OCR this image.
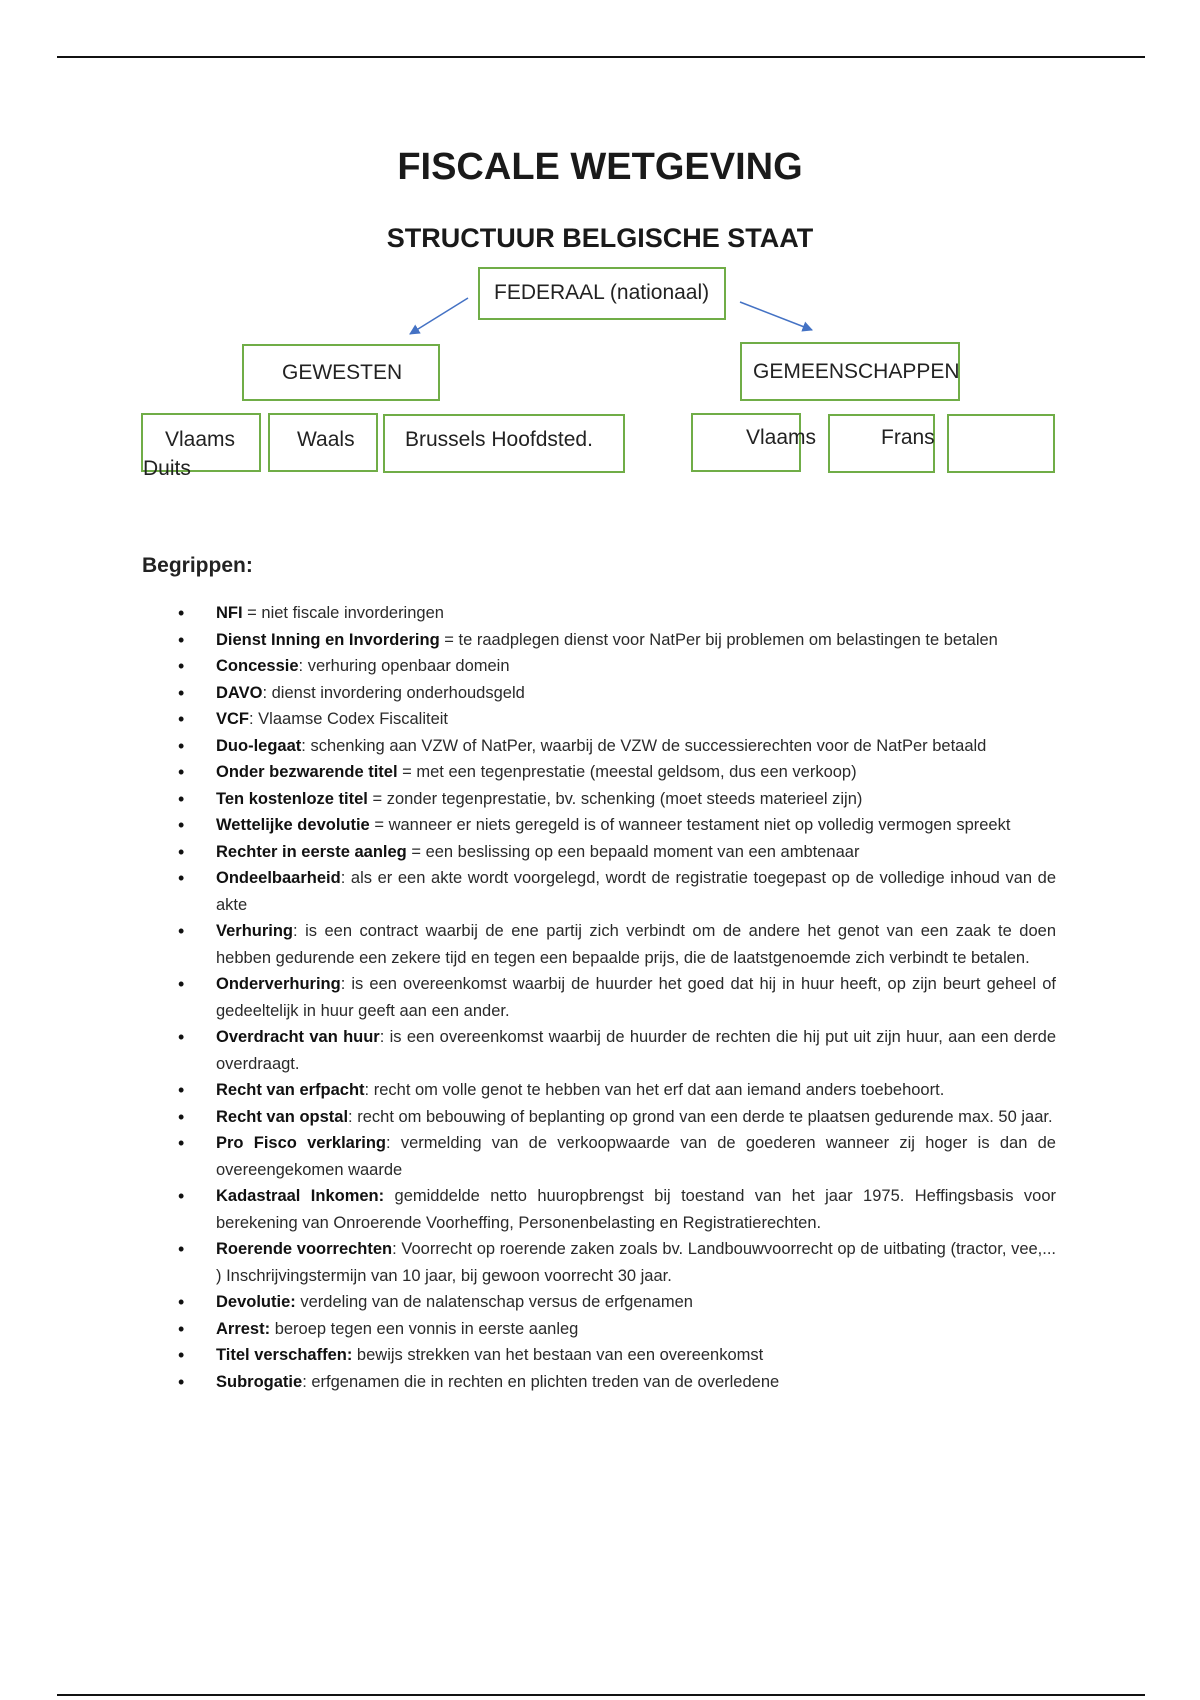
FISCALE WETGEVING
STRUCTUUR BELGISCHE STAAT
FEDERAAL (nationaal)
GEWESTEN	GEMEENSCHAPPEN
Vlaams	Waals Brussels Hoofdsted.	Vlaams	Frans
Duits
Begrippen:
• NFI = niet fiscale invorderingen
• Dienst Inning en Invordering = te raadplegen dienst voor NatPer bij problemen om belastingen te betalen
• Concessie: verhuring openbaar domein
• DAVO: dienst invordering onderhoudsgeld
• VCF: Vlaamse Codex Fiscaliteit
• Duo-legaat: schenking aan VZW of NatPer, waarbij de VZW de successierechten voor de NatPer betaald
• Onder bezwarende titel = met een tegenprestatie (meestal geldsom, dus een verkoop)
• Ten kostenloze titel = zonder tegenprestatie, bv. schenking (moet steeds materieel zijn)
• Wettelijke devolutie = wanneer er niets geregeld is of wanneer testament niet op volledig vermogen spreekt
• Rechter in eerste aanleg = een beslissing op een bepaald moment van een ambtenaar
• Ondeelbaarheid: als er een akte wordt voorgelegd, wordt de registratie toegepast op de volledige inhoud van de akte
• Verhuring: is een contract waarbij de ene partij zich verbindt om de andere het genot van een zaak te doen hebben gedurende een zekere tijd en tegen een bepaalde prijs, die de laatstgenoemde zich verbindt te betalen.
• Onderverhuring: is een overeenkomst waarbij de huurder het goed dat hij in huur heeft, op zijn beurt geheel of gedeeltelijk in huur geeft aan een ander.
• Overdracht van huur: is een overeenkomst waarbij de huurder de rechten die hij put uit zijn huur, aan een derde overdraagt.
• Recht van erfpacht: recht om volle genot te hebben van het erf dat aan iemand anders toebehoort.
• Recht van opstal: recht om bebouwing of beplanting op grond van een derde te plaatsen gedurende max. 50 jaar.
• Pro Fisco verklaring: vermelding van de verkoopwaarde van de goederen wanneer zij hoger is dan de overeengekomen waarde
• Kadastraal Inkomen: gemiddelde netto huuropbrengst bij toestand van het jaar 1975. Heffingsbasis voor berekening van Onroerende Voorheffing, Personenbelasting en Registratierechten.
• Roerende voorrechten: Voorrecht op roerende zaken zoals bv. Landbouwvoorrecht op de uitbating (tractor, vee,... ) Inschrijvingstermijn van 10 jaar, bij gewoon voorrecht 30 jaar.
• Devolutie: verdeling van de nalatenschap versus de erfgenamen
• Arrest: beroep tegen een vonnis in eerste aanleg
• Titel verschaffen: bewijs strekken van het bestaan van een overeenkomst
• Subrogatie: erfgenamen die in rechten en plichten treden van de overledene
